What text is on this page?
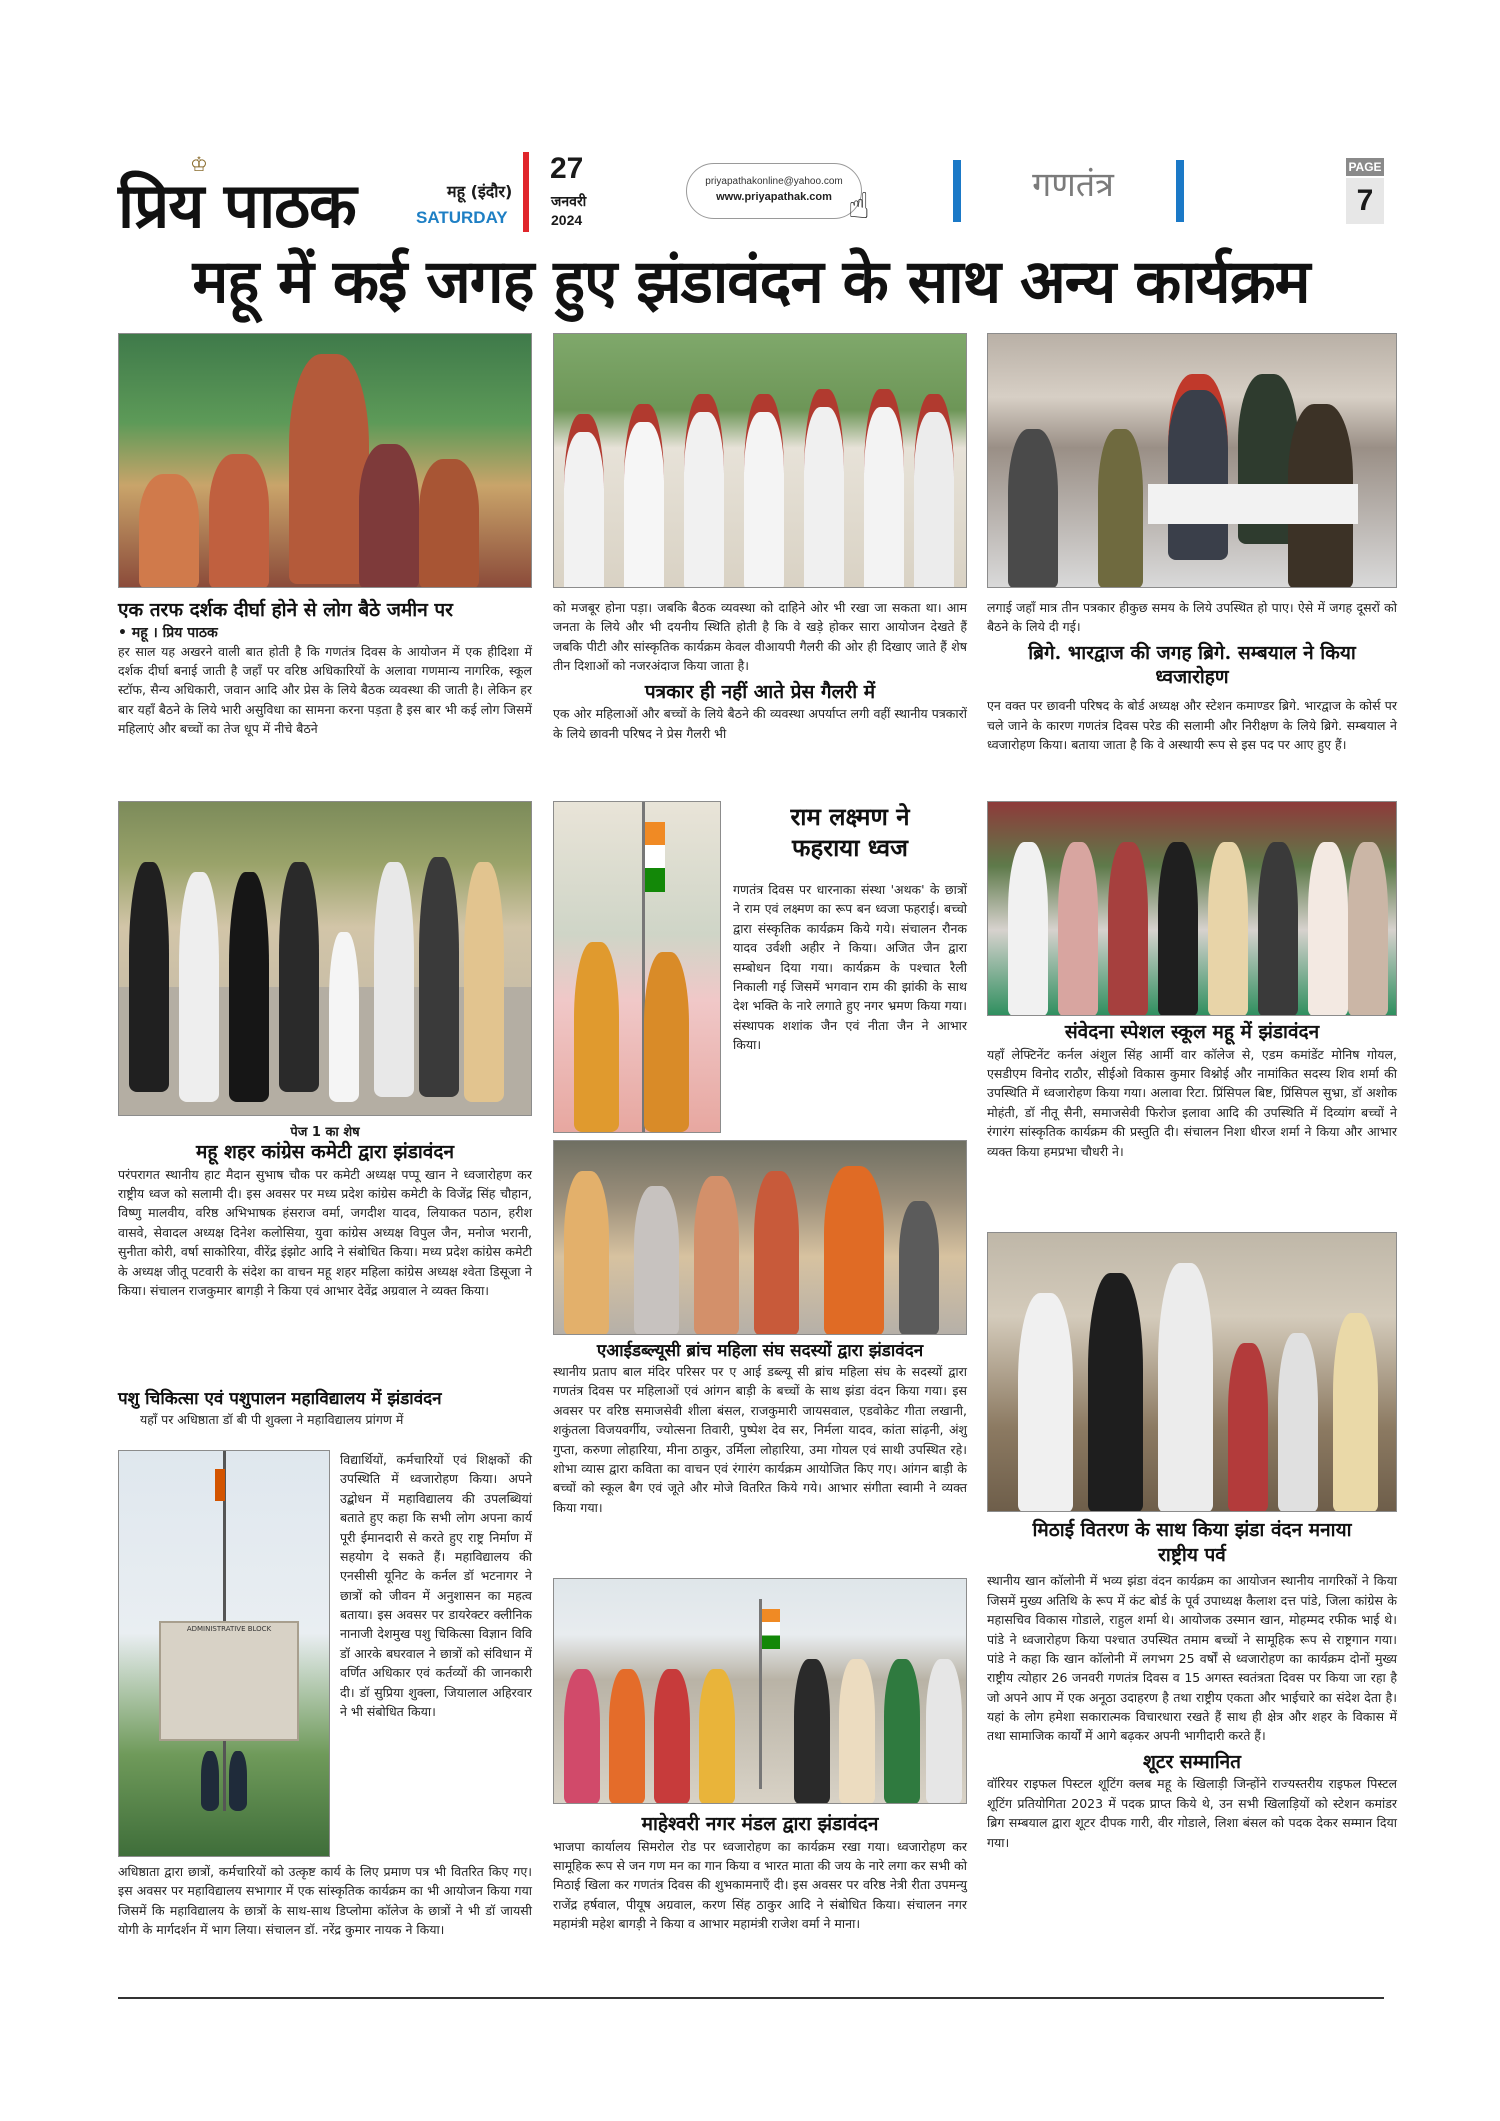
♔
प्रिय पाठक	महू (इंदौर)
SATURDAY
27
जनवरी
2024
priyapathakonline@yahoo.com
www.priyapathak.com ☝
गणतंत्र	PAGE
7
महू में कई जगह हुए झंडावंदन के साथ अन्य कार्यक्रम
एक तरफ दर्शक दीर्घा होने से लोग बैठे जमीन पर
• महू । प्रिय पाठक
हर साल यह अखरने वाली बात होती है कि गणतंत्र दिवस के आयोजन में एक हीदिशा में दर्शक दीर्घा बनाई जाती है जहाँ पर वरिष्ठ अधिकारियों के अलावा गणमान्य नागरिक, स्कूल स्टॉफ, सैन्य अधिकारी, जवान आदि और प्रेस के लिये बैठक व्यवस्था की जाती है। लेकिन हर बार यहाँ बैठने के लिये भारी असुविधा का सामना करना पड़ता है इस बार भी कई लोग जिसमें महिलाएं और बच्चों का तेज धूप में नीचे बैठने
को मजबूर होना पड़ा। जबकि बैठक व्यवस्था को दाहिने ओर भी रखा जा सकता था। आम जनता के लिये और भी दयनीय स्थिति होती है कि वे खड़े होकर सारा आयोजन देखते हैं जबकि पीटी और सांस्कृतिक कार्यक्रम केवल वीआयपी गैलरी की ओर ही दिखाए जाते हैं शेष तीन दिशाओं को नजरअंदाज किया जाता है।
पत्रकार ही नहीं आते प्रेस गैलरी में
एक ओर महिलाओं और बच्चों के लिये बैठने की व्यवस्था अपर्याप्त लगी वहीं स्थानीय पत्रकारों के लिये छावनी परिषद ने प्रेस गैलरी भी
लगाई जहाँ मात्र तीन पत्रकार हीकुछ समय के लिये उपस्थित हो पाए। ऐसे में जगह दूसरों को बैठने के लिये दी गई।
ब्रिगे. भारद्वाज की जगह ब्रिगे. सम्बयाल ने किया ध्वजारोहण
एन वक्त पर छावनी परिषद के बोर्ड अध्यक्ष और स्टेशन कमाण्डर ब्रिगे. भारद्वाज के कोर्स पर चले जाने के कारण गणतंत्र दिवस परेड की सलामी और निरीक्षण के लिये ब्रिगे. सम्बयाल ने ध्वजारोहण किया। बताया जाता है कि वे अस्थायी रूप से इस पद पर आए हुए हैं।
राम लक्ष्मण ने फहराया ध्वज
गणतंत्र दिवस पर धारनाका संस्था 'अथक' के छात्रों ने राम एवं लक्ष्मण का रूप बन ध्वजा फहराई। बच्चो द्वारा संस्कृतिक कार्यक्रम किये गये। संचालन रौनक यादव उर्वशी अहीर ने किया। अजित जैन द्वारा सम्बोधन दिया गया। कार्यक्रम के पश्चात रैली निकाली गई जिसमें भगवान राम की झांकी के साथ देश भक्ति के नारे लगाते हुए नगर भ्रमण किया गया।संस्थापक शशांक जैन एवं नीता जैन ने आभार किया।
संवेदना स्पेशल स्कूल महू में झंडावंदन
यहाँ लेफ्टिनेंट कर्नल अंशुल सिंह आर्मी वार कॉलेज से, एडम कमांडेंट मोनिष गोयल, एसडीएम विनोद राठौर, सीईओ विकास कुमार विश्नोई और नामांकित सदस्य शिव शर्मा की उपस्थिति में ध्वजारोहण किया गया। अलावा रिटा. प्रिंसिपल बिष्ट, प्रिंसिपल सुभ्रा, डॉ अशोक मोहंती, डॉ नीतू सैनी, समाजसेवी फिरोज इलावा आदि की उपस्थिति में दिव्यांग बच्चों ने रंगारंग सांस्कृतिक कार्यक्रम की प्रस्तुति दी। संचालन निशा धीरज शर्मा ने किया और आभार व्यक्त किया हमप्रभा चौधरी ने।
पेज 1 का शेष
महू शहर कांग्रेस कमेटी द्वारा झंडावंदन
परंपरागत स्थानीय हाट मैदान सुभाष चौक पर कमेटी अध्यक्ष पप्पू खान ने ध्वजारोहण कर राष्ट्रीय ध्वज को सलामी दी। इस अवसर पर मध्य प्रदेश कांग्रेस कमेटी के विजेंद्र सिंह चौहान, विष्णु मालवीय, वरिष्ठ अभिभाषक हंसराज वर्मा, जगदीश यादव, लियाकत पठान, हरीश वासवे, सेवादल अध्यक्ष दिनेश कलोसिया, युवा कांग्रेस अध्यक्ष विपुल जैन, मनोज भरानी, सुनीता कोरी, वर्षा साकोरिया, वीरेंद्र इंझोट आदि ने संबोधित किया। मध्य प्रदेश कांग्रेस कमेटी के अध्यक्ष जीतू पटवारी के संदेश का वाचन महू शहर महिला कांग्रेस अध्यक्ष श्वेता डिसूजा ने किया। संचालन राजकुमार बागड़ी ने किया एवं आभार देवेंद्र अग्रवाल ने व्यक्त किया।
एआईडब्ल्यूसी ब्रांच महिला संघ सदस्यों द्वारा झंडावंदन
स्थानीय प्रताप बाल मंदिर परिसर पर ए आई डब्ल्यू सी ब्रांच महिला संघ के सदस्यों द्वारा गणतंत्र दिवस पर महिलाओं एवं आंगन बाड़ी के बच्चों के साथ झंडा वंदन किया गया। इस अवसर पर वरिष्ठ समाजसेवी शीला बंसल, राजकुमारी जायसवाल, एडवोकेट गीता लखानी, शकुंतला विजयवर्गीय, ज्योत्सना तिवारी, पुष्पेश देव सर, निर्मला यादव, कांता सांढ़नी, अंशु गुप्ता, करुणा लोहारिया, मीना ठाकुर, उर्मिला लोहारिया, उमा गोयल एवं साथी उपस्थित रहे। शोभा व्यास द्वारा कविता का वाचन एवं रंगारंग कार्यक्रम आयोजित किए गए। आंगन बाड़ी के बच्चों को स्कूल बैग एवं जूते और मोजे वितरित किये गये। आभार संगीता स्वामी ने व्यक्त किया गया।
मिठाई वितरण के साथ किया झंडा वंदन मनाया राष्ट्रीय पर्व
स्थानीय खान कॉलोनी में भव्य झंडा वंदन कार्यक्रम का आयोजन स्थानीय नागरिकों ने किया जिसमें मुख्य अतिथि के रूप में कंट बोर्ड के पूर्व उपाध्यक्ष कैलाश दत्त पांडे, जिला कांग्रेस के महासचिव विकास गोडाले, राहुल शर्मा थे। आयोजक उस्मान खान, मोहम्मद रफीक भाई थे। पांडे ने ध्वजारोहण किया पश्चात उपस्थित तमाम बच्चों ने सामूहिक रूप से राष्ट्रगान गया। पांडे ने कहा कि खान कॉलोनी में लगभग 25 वर्षों से ध्वजारोहण का कार्यक्रम दोनों मुख्य राष्ट्रीय त्योहार 26 जनवरी गणतंत्र दिवस व 15 अगस्त स्वतंत्रता दिवस पर किया जा रहा है जो अपने आप में एक अनूठा उदाहरण है तथा राष्ट्रीय एकता और भाईचारे का संदेश देता है। यहां के लोग हमेशा सकारात्मक विचारधारा रखते हैं साथ ही क्षेत्र और शहर के विकास में तथा सामाजिक कार्यों में आगे बढ़कर अपनी भागीदारी करते हैं।
शूटर सम्मानित
वॉरियर राइफल पिस्टल शूटिंग क्लब महू के खिलाड़ी जिन्होंने राज्यस्तरीय राइफल पिस्टल शूटिंग प्रतियोगिता 2023 में पदक प्राप्त किये थे, उन सभी खिलाड़ियों को स्टेशन कमांडर ब्रिग सम्बयाल द्वारा शूटर दीपक गारी, वीर गोडाले, लिशा बंसल को पदक देकर सम्मान दिया गया।
पशु चिकित्सा एवं पशुपालन महाविद्यालय में झंडावंदन
यहाँ पर अधिष्ठाता डॉ बी पी शुक्ला ने महाविद्यालय प्रांगण में
ADMINISTRATIVE BLOCK
विद्यार्थियों, कर्मचारियों एवं शिक्षकों की उपस्थिति में ध्वजारोहण किया। अपने उद्बोधन में महाविद्यालय की उपलब्धियां बताते हुए कहा कि सभी लोग अपना कार्य पूरी ईमानदारी से करते हुए राष्ट्र निर्माण में सहयोग दे सकते हैं। महाविद्यालय की एनसीसी यूनिट के कर्नल डॉ भटनागर ने छात्रों को जीवन में अनुशासन का महत्व बताया। इस अवसर पर डायरेक्टर क्लीनिक नानाजी देशमुख पशु चिकित्सा विज्ञान विवि डॉ आरके बघरवाल ने छात्रों को संविधान में वर्णित अधिकार एवं कर्तव्यों की जानकारी दी। डॉ सुप्रिया शुक्ला, जियालाल अहिरवार ने भी संबोधित किया।
अधिष्ठाता द्वारा छात्रों, कर्मचारियों को उत्कृष्ट कार्य के लिए प्रमाण पत्र भी वितरित किए गए। इस अवसर पर महाविद्यालय सभागार में एक सांस्कृतिक कार्यक्रम का भी आयोजन किया गया जिसमें कि महाविद्यालय के छात्रों के साथ-साथ डिप्लोमा कॉलेज के छात्रों ने भी डॉ जायसी योगी के मार्गदर्शन में भाग लिया। संचालन डॉ. नरेंद्र कुमार नायक ने किया।
माहेश्वरी नगर मंडल द्वारा झंडावंदन
भाजपा कार्यालय सिमरोल रोड पर ध्वजारोहण का कार्यक्रम रखा गया। ध्वजारोहण कर सामूहिक रूप से जन गण मन का गान किया व भारत माता की जय के नारे लगा कर सभी को मिठाई खिला कर गणतंत्र दिवस की शुभकामनाएँ दी। इस अवसर पर वरिष्ठ नेत्री रीता उपमन्यु राजेंद्र हर्षवाल, पीयूष अग्रवाल, करण सिंह ठाकुर आदि ने संबोधित किया। संचालन नगर महामंत्री महेश बागड़ी ने किया व आभार महामंत्री राजेश वर्मा ने माना।
